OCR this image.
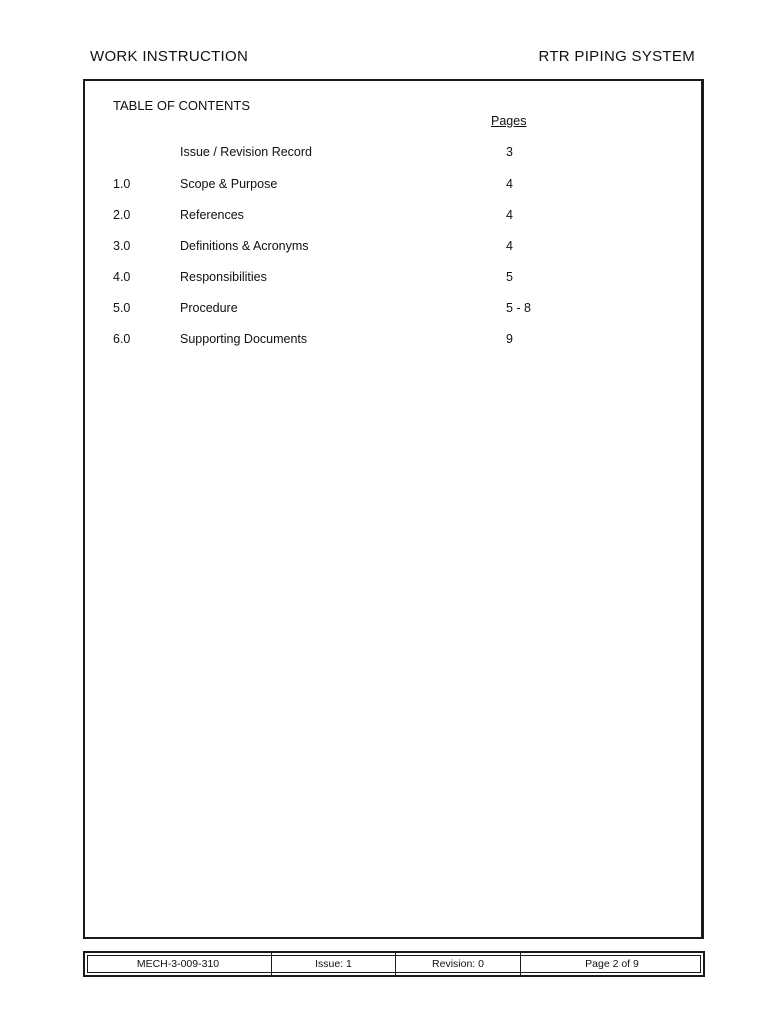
WORK INSTRUCTION	RTR PIPING SYSTEM
TABLE OF CONTENTS
Pages
Issue / Revision Record	3
1.0	Scope & Purpose	4
2.0	References	4
3.0	Definitions & Acronyms	4
4.0	Responsibilities	5
5.0	Procedure	5 - 8
6.0	Supporting Documents	9
MECH-3-009-310	Issue: 1	Revision: 0	Page 2 of 9
